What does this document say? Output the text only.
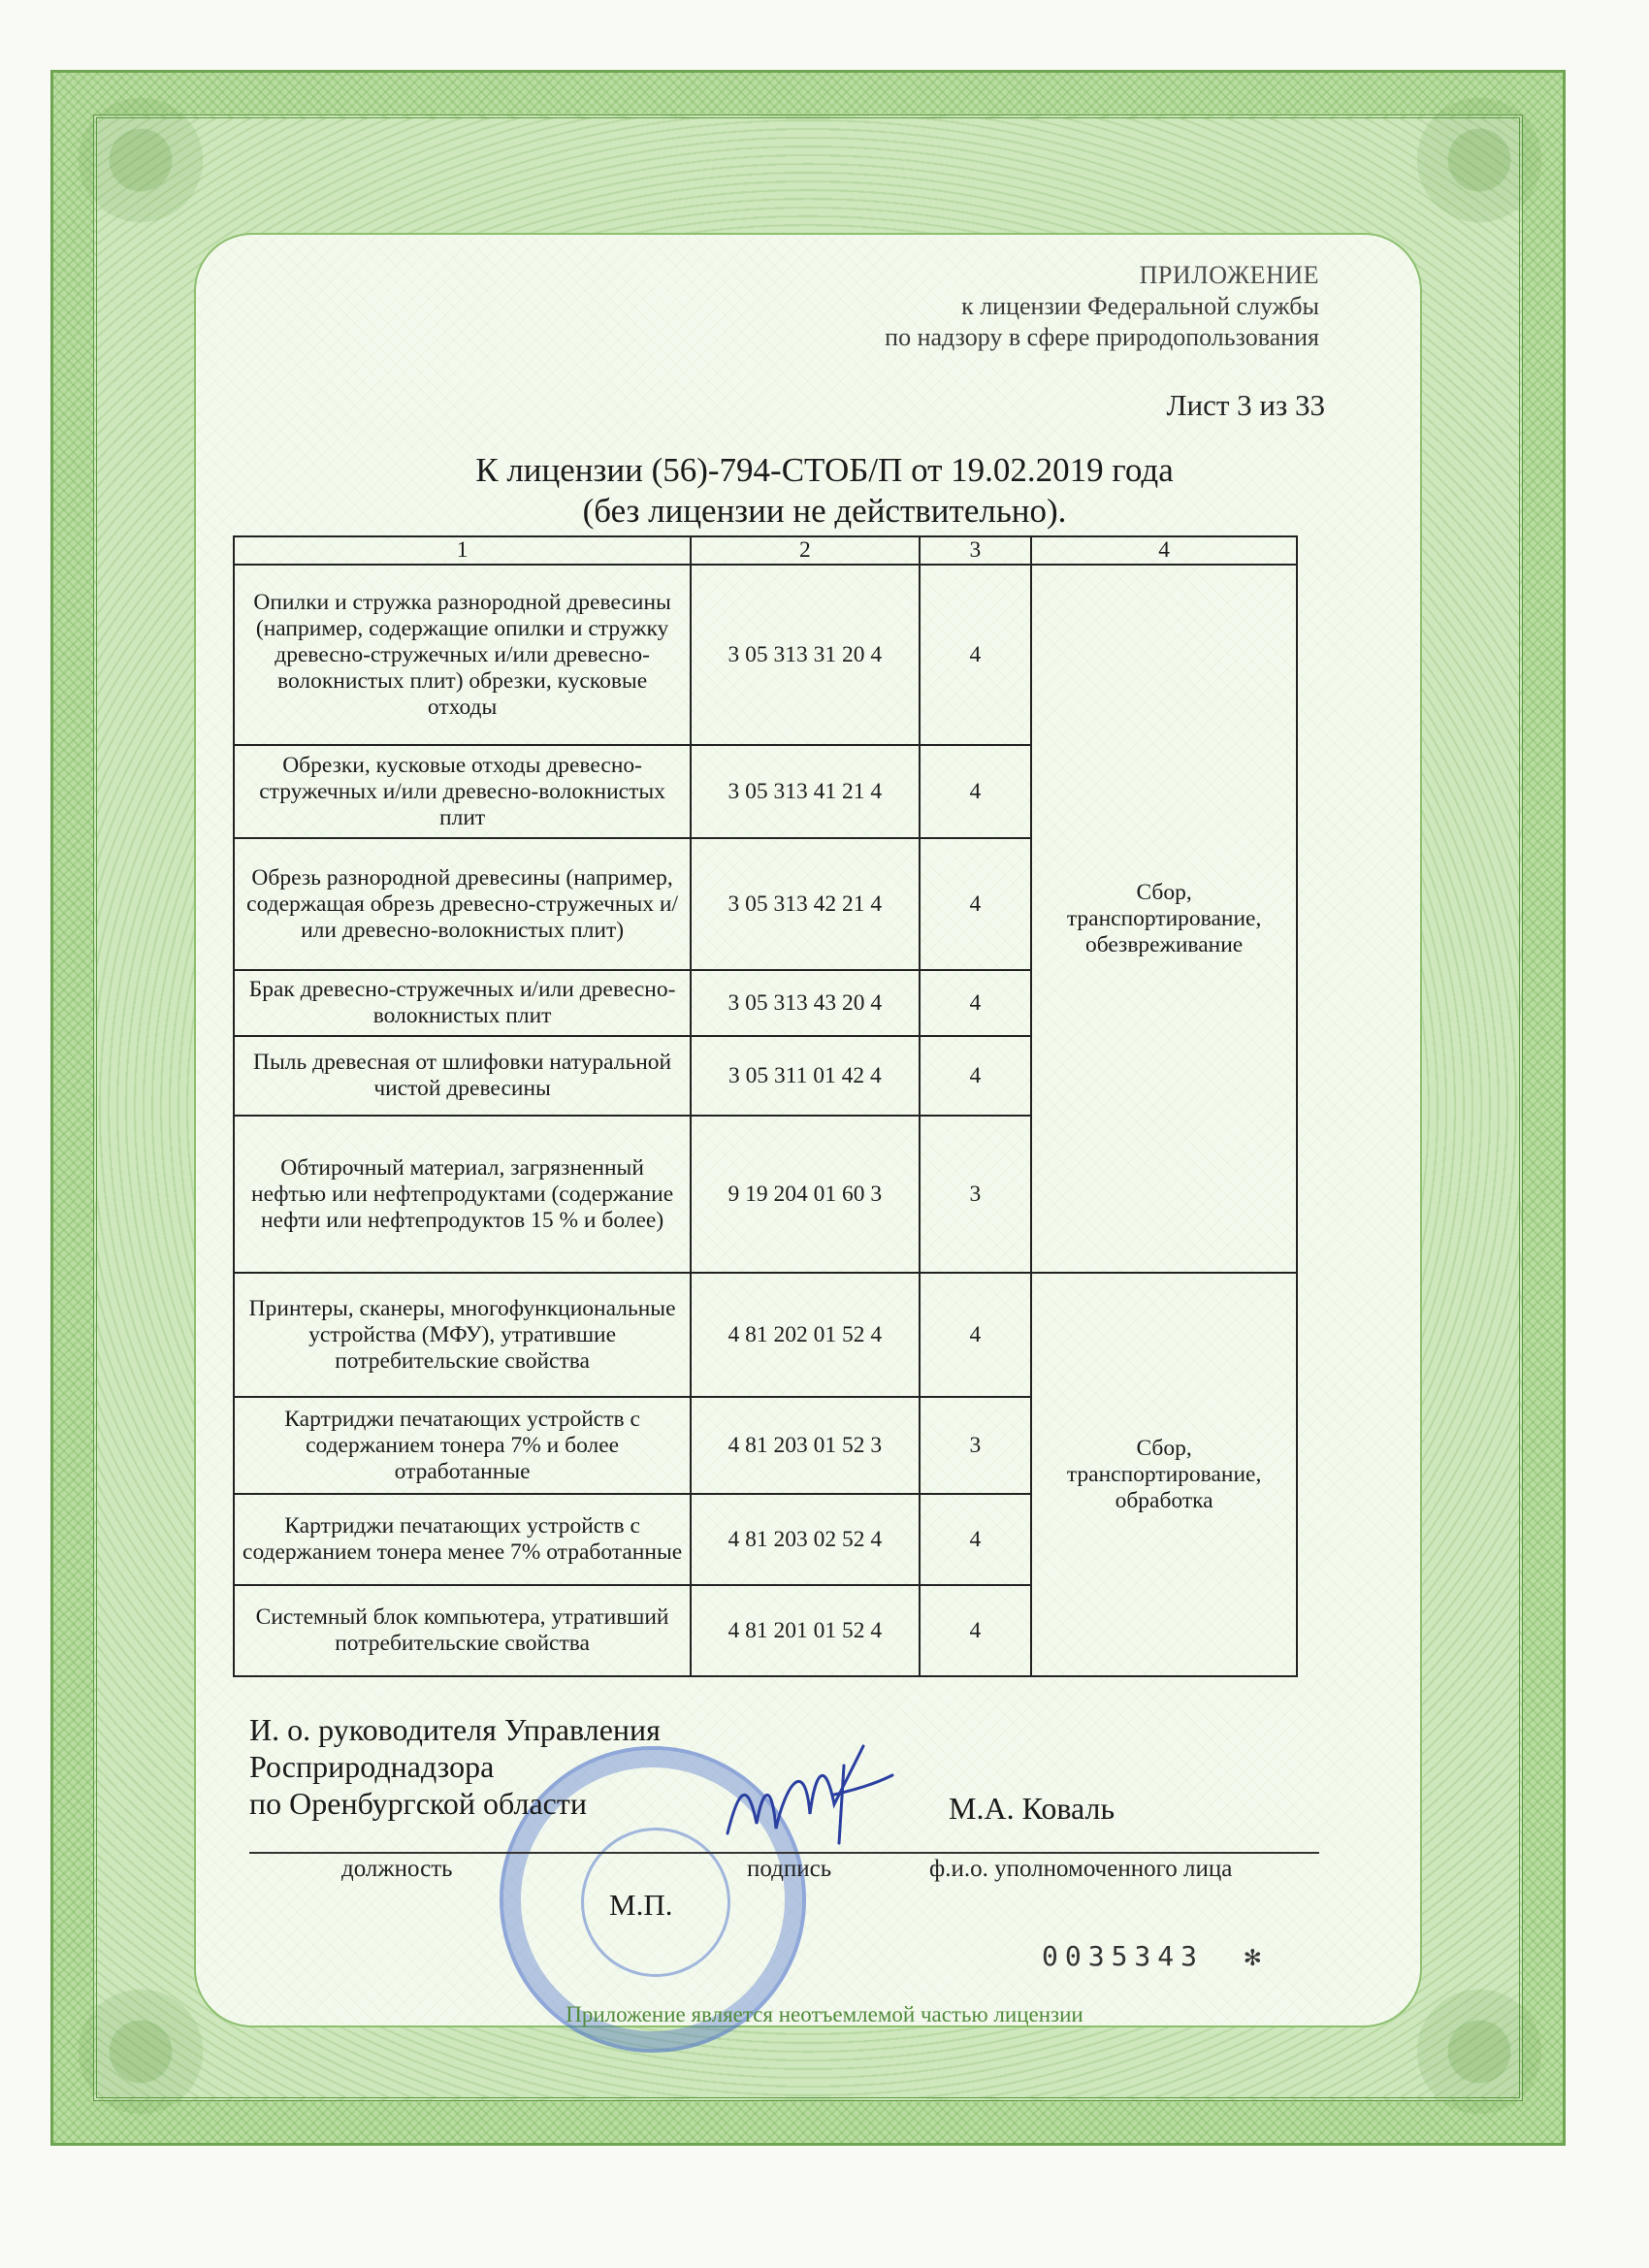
ПРИЛОЖЕНИЕ
к лицензии Федеральной службы
по надзору в сфере природопользования
Лист 3 из 33
К лицензии (56)-794-СТОБ/П от 19.02.2019 года
(без лицензии не действительно).
1	2	3	4
Опилки и стружка разнородной древесины (например, содержащие опилки и стружку древесно-стружечных и/или древесно-волокнистых плит) обрезки, кусковые отходы	3 05 313 31 20 4	4	Сбор, транспортирование, обезвреживание
Обрезки, кусковые отходы древесно-стружечных и/или древесно-волокнистых плит	3 05 313 41 21 4	4	
Обрезь разнородной древесины (например, содержащая обрезь древесно-стружечных и/или древесно-волокнистых плит)	3 05 313 42 21 4	4	
Брак древесно-стружечных и/или древесно-волокнистых плит	3 05 313 43 20 4	4	
Пыль древесная от шлифовки натуральной чистой древесины	3 05 311 01 42 4	4	
Обтирочный материал, загрязненный нефтью или нефтепродуктами (содержание нефти или нефтепродуктов 15 % и более)	9 19 204 01 60 3	3	
Принтеры, сканеры, многофункциональные устройства (МФУ), утратившие потребительские свойства	4 81 202 01 52 4	4	Сбор, транспортирование, обработка
Картриджи печатающих устройств с содержанием тонера 7% и более отработанные	4 81 203 01 52 3	3	
Картриджи печатающих устройств с содержанием тонера менее 7% отработанные	4 81 203 02 52 4	4	
Системный блок компьютера, утративший потребительские свойства	4 81 201 01 52 4	4	
И. о. руководителя Управления
Росприроднадзора
по Оренбургской области	М.А. Коваль
должность	подпись	ф.и.о. уполномоченного лица
М.П.
0035343 ✻
Приложение является неотъемлемой частью лицензии
